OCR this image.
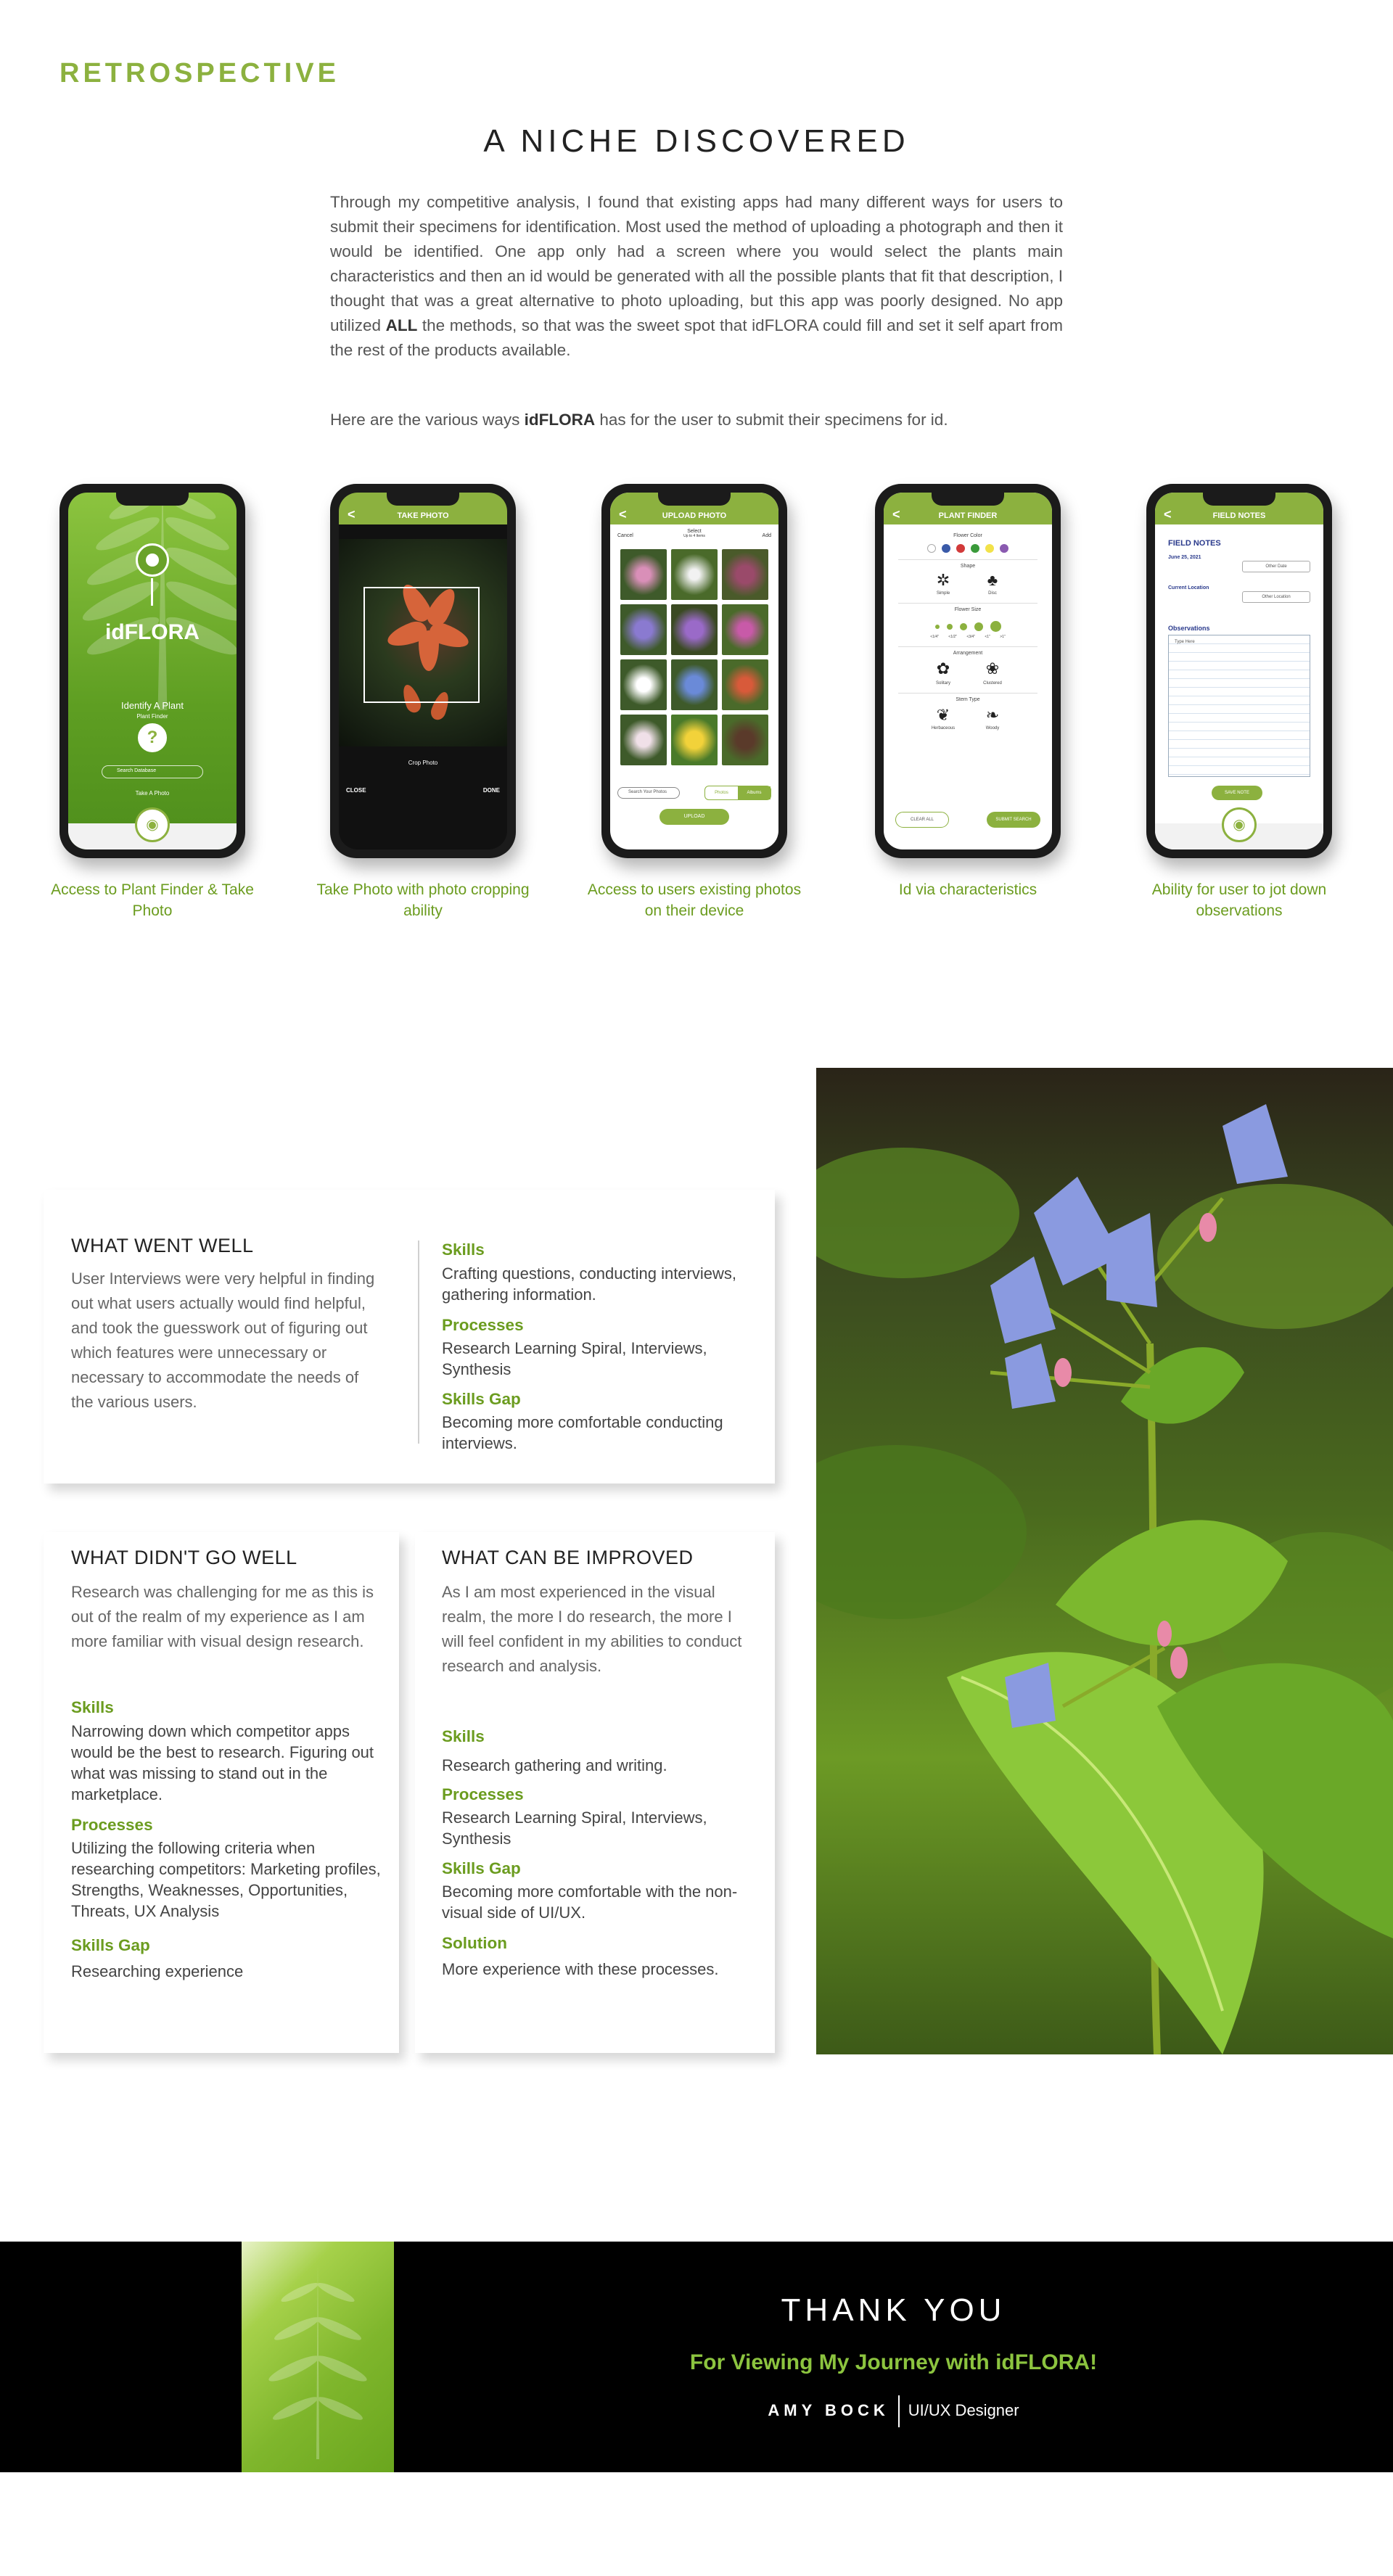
RETROSPECTIVE
A NICHE DISCOVERED

Through my competitive analysis, I found that existing apps had many different ways for users to submit their specimens for identification. Most used the method of uploading a photograph and then it would be identified. One app only had a screen where you would select the plants main characteristics and then an id would be generated with all the possible plants that fit that description, I thought that was a great alternative to photo uploading, but this app was poorly designed. No app utilized ALL the methods, so that was the sweet spot that idFLORA could fill and set it self apart from the rest of the products available.

Here are the various ways idFLORA has for the user to submit their specimens for id.

idFLORA
Identify A Plant
Plant Finder
?
Search Database
Take A Photo
◉
Access to Plant Finder & Take Photo
<	TAKE PHOTO
Crop Photo
CLOSE	DONE
Take Photo with photo cropping ability
<	UPLOAD PHOTO
Cancel
Select
Up to 4 Items	Add
Search Your Photos	Photos	Albums
UPLOAD
Access to users existing photos on their device
<	PLANT FINDER
Flower Color
Shape
✲	♣
Simple	Disc
Flower Size
<1/4"	<1/2"	<3/4"	<1"	>1"
Arrangement
✿	❀
Solitary	Clustered
Stem Type
❦	❧
Herbaceous	Woody
CLEAR ALL	SUBMIT SEARCH
Id via characteristics
<	FIELD NOTES
FIELD NOTES
June 25, 2021
Other Date
Current Location
Other Location
Observations
Type Here
SAVE NOTE
◉
Ability for user to jot down observations
WHAT WENT WELL
User Interviews were very helpful in finding out what users actually would find helpful, and took the guesswork out of figuring out which features were unnecessary or necessary to accommodate the needs of the various users.
Skills
Crafting questions, conducting interviews, gathering information.
Processes
Research Learning Spiral, Interviews, Synthesis
Skills Gap
Becoming more comfortable conducting interviews.
WHAT DIDN'T GO WELL
Research was challenging for me as this is out of the realm of my experience as I am more familiar with visual design research.
Skills
Narrowing down which competitor apps would be the best to research. Figuring out what was missing to stand out in the marketplace.
Processes
Utilizing the following criteria when researching competitors: Marketing profiles, Strengths, Weaknesses, Opportunities, Threats, UX Analysis
Skills Gap
Researching experience
WHAT CAN BE IMPROVED
As I am most experienced in the visual realm, the more I do research, the more I will feel confident in my abilities to conduct research and analysis.
Skills
Research gathering and writing.
Processes
Research Learning Spiral, Interviews, Synthesis
Skills Gap
Becoming more comfortable with the non-visual side of UI/UX.
Solution
More experience with these processes.
THANK YOU
For Viewing My Journey with idFLORA!
AMY BOCK UI/UX Designer
